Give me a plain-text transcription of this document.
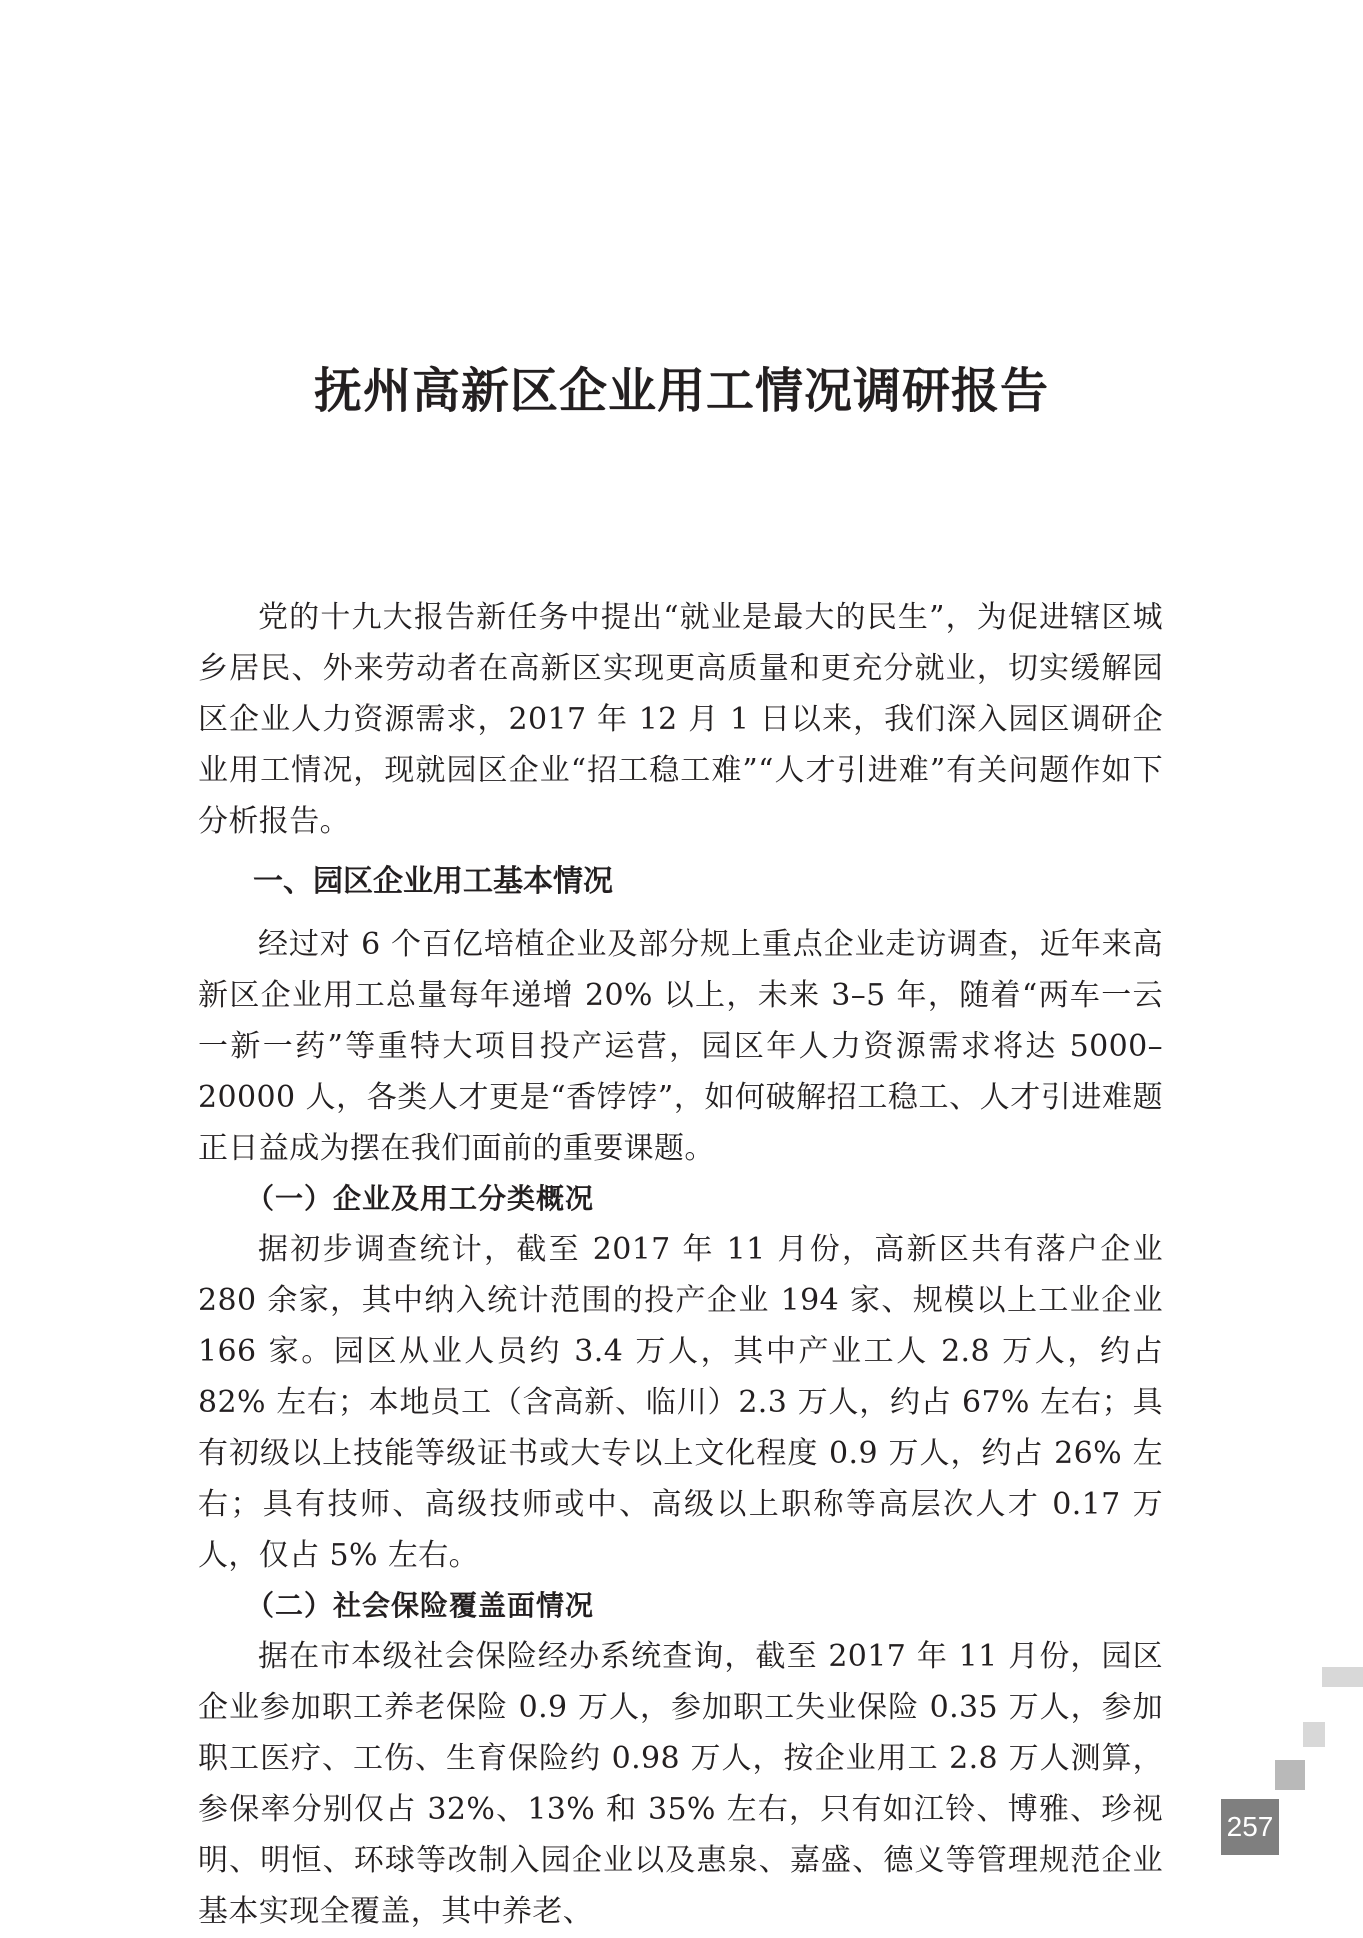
抚州高新区企业用工情况调研报告

党的十九大报告新任务中提出“就业是最大的民生”，为促进辖区城乡居民、外来劳动者在高新区实现更高质量和更充分就业，切实缓解园区企业人力资源需求，2017 年 12 月 1 日以来，我们深入园区调研企业用工情况，现就园区企业“招工稳工难”“人才引进难”有关问题作如下分析报告。

一、园区企业用工基本情况

经过对 6 个百亿培植企业及部分规上重点企业走访调查，近年来高新区企业用工总量每年递增 20% 以上，未来 3–5 年，随着“两车一云一新一药”等重特大项目投产运营，园区年人力资源需求将达 5000–20000 人，各类人才更是“香饽饽”，如何破解招工稳工、人才引进难题正日益成为摆在我们面前的重要课题。

（一）企业及用工分类概况

据初步调查统计，截至 2017 年 11 月份，高新区共有落户企业 280 余家，其中纳入统计范围的投产企业 194 家、规模以上工业企业 166 家。园区从业人员约 3.4 万人，其中产业工人 2.8 万人，约占 82% 左右；本地员工（含高新、临川）2.3 万人，约占 67% 左右；具有初级以上技能等级证书或大专以上文化程度 0.9 万人，约占 26% 左右；具有技师、高级技师或中、高级以上职称等高层次人才 0.17 万人，仅占 5% 左右。

（二）社会保险覆盖面情况

据在市本级社会保险经办系统查询，截至 2017 年 11 月份，园区企业参加职工养老保险 0.9 万人，参加职工失业保险 0.35 万人，参加职工医疗、工伤、生育保险约 0.98 万人，按企业用工 2.8 万人测算，参保率分别仅占 32%、13% 和 35% 左右，只有如江铃、博雅、珍视明、明恒、环球等改制入园企业以及惠泉、嘉盛、德义等管理规范企业基本实现全覆盖，其中养老、

257
